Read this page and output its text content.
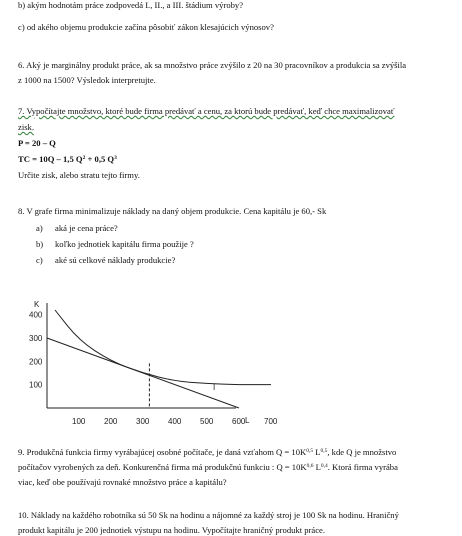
b) akým hodnotám práce zodpovedá I., II., a III. štádium výroby?
c) od akého objemu produkcie začína pôsobiť zákon klesajúcich výnosov?
6. Aký je marginálny produkt práce, ak sa množstvo práce zvýšilo z 20 na 30 pracovníkov a produkcia sa zvýšila
z 1000 na 1500? Výsledok interpretujte.
7. Vypočítajte množstvo, ktoré bude firma predávať a cenu, za ktorú bude predávať, keď chce maximalizovať
zisk.
P = 20 – Q
TC = 10Q – 1,5 $Q^2 + 0,5$ $Q^3$
Určite zisk, alebo stratu tejto firmy.
8. V grafe firma minimalizuje náklady na daný objem produkcie. Cena kapitálu je 60,- Sk
a) aká je cena práce?
b) koľko jednotiek kapitálu firma použije ?
c) aké sú celkové náklady produkcie?
K
L
400
300
200
100
100 200 300 400 500 600 700
I
9. Produkčná funkcia firmy vyrábajúcej osobné počítače, je daná vzťahom $Q = 10K^{0,5}$ L$^{0,5}$, kde Q je množstvo
počítačov vyrobených za deň. Konkurenčná firma má produkčnú funkciu : $Q = 10K^{0,6}$ L$^{0,4}$. Ktorá firma vyrába
viac, keď obe používajú rovnaké množstvo práce a kapitálu?
10. Náklady na každého robotníka sú 50 Sk na hodinu a nájomné za každý stroj je 100 Sk na hodinu. Hraničný
produkt kapitálu je 200 jednotiek výstupu na hodinu. Vypočítajte hraničný produkt práce.
